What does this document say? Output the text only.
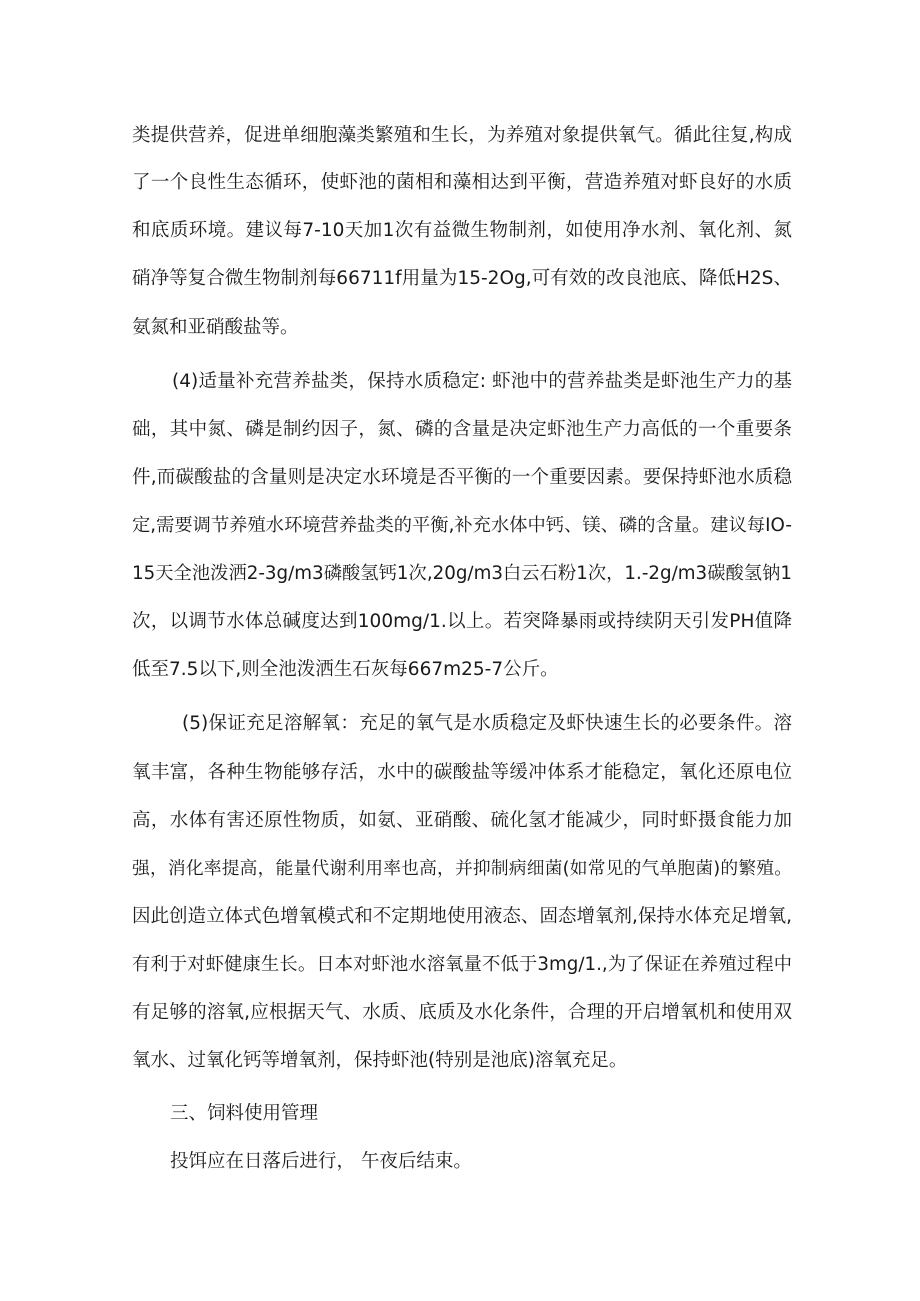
类提供营养，促进单细胞藻类繁殖和生长，为养殖对象提供氧气。循此往复,构成
了一个良性生态循环，使虾池的菌相和藻相达到平衡，营造养殖对虾良好的水质
和底质环境。建议每7-10天加1次有益微生物制剂，如使用净水剂、氧化剂、氮
硝净等复合微生物制剂每66711f用量为15-2Og,可有效的改良池底、降低H2S、
氨氮和亚硝酸盐等。
(4)适量补充营养盐类，保持水质稳定: 虾池中的营养盐类是虾池生产力的基
础，其中氮、磷是制约因子，氮、磷的含量是决定虾池生产力高低的一个重要条
件,而碳酸盐的含量则是决定水环境是否平衡的一个重要因素。要保持虾池水质稳
定,需要调节养殖水环境营养盐类的平衡,补充水体中钙、镁、磷的含量。建议每IO-
15天全池泼洒2-3g∕m3磷酸氢钙1次,20g∕m3白云石粉1次，1.-2g∕m3碳酸氢钠1
次，以调节水体总碱度达到100mg∕1.以上。若突降暴雨或持续阴天引发PH值降
低至7.5以下,则全池泼洒生石灰每667m25-7公斤。
(5)保证充足溶解氧：充足的氧气是水质稳定及虾快速生长的必要条件。溶
氧丰富，各种生物能够存活，水中的碳酸盐等缓冲体系才能稳定，氧化还原电位
高，水体有害还原性物质，如氨、亚硝酸、硫化氢才能减少，同时虾摄食能力加
强，消化率提高，能量代谢利用率也高，并抑制病细菌(如常见的气单胞菌)的繁殖。
因此创造立体式色增氧模式和不定期地使用液态、固态增氧剂,保持水体充足增氧,
有利于对虾健康生长。日本对虾池水溶氧量不低于3mg∕1.,为了保证在养殖过程中
有足够的溶氧,应根据天气、水质、底质及水化条件，合理的开启增氧机和使用双
氧水、过氧化钙等增氧剂，保持虾池(特别是池底)溶氧充足。
三、饲料使用管理
投饵应在日落后进行， 午夜后结束。
